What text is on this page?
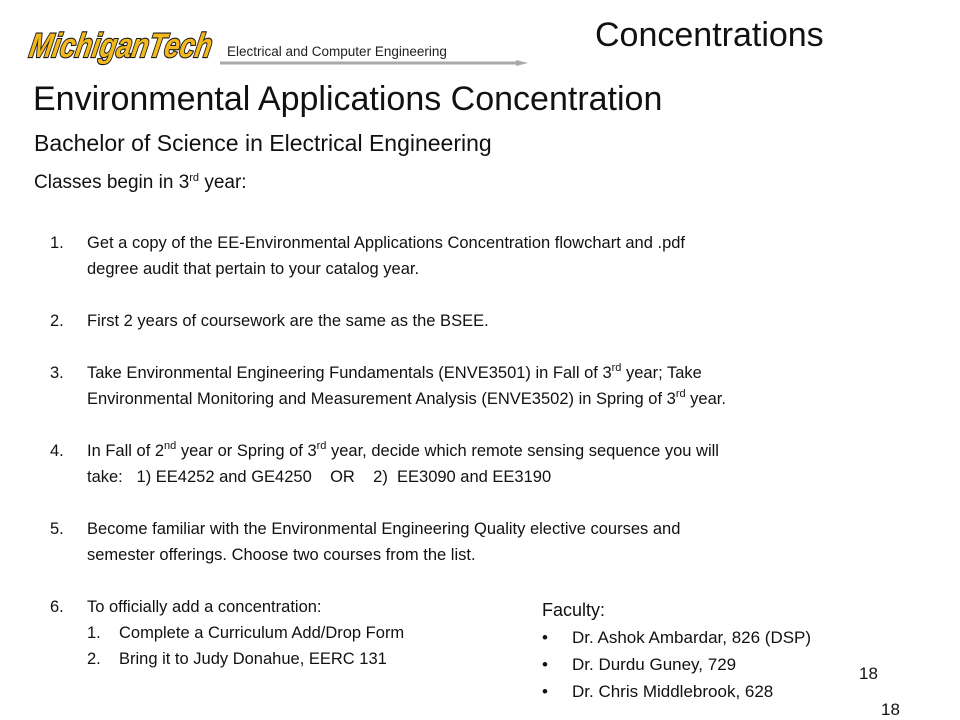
MichiganTech
Electrical and Computer Engineering	Concentrations
Environmental Applications Concentration
Bachelor of Science in Electrical Engineering
Classes begin in 3rd year:
1. Get a copy of the EE-Environmental Applications Concentration flowchart and .pdf
degree audit that pertain to your catalog year.
2. First 2 years of coursework are the same as the BSEE.
3. Take Environmental Engineering Fundamentals (ENVE3501) in Fall of 3rd year; Take
Environmental Monitoring and Measurement Analysis (ENVE3502) in Spring of 3rd year.
4. In Fall of 2nd year or Spring of 3rd year, decide which remote sensing sequence you will
take:   1) EE4252 and GE4250    OR    2)  EE3090 and EE3190
5. Become familiar with the Environmental Engineering Quality elective courses and
semester offerings. Choose two courses from the list.
6. To officially add a concentration:
1. Complete a Curriculum Add/Drop Form
2. Bring it to Judy Donahue, EERC 131
Faculty:
• Dr. Ashok Ambardar, 826 (DSP)
• Dr. Durdu Guney, 729
• Dr. Chris Middlebrook, 628
18
18
